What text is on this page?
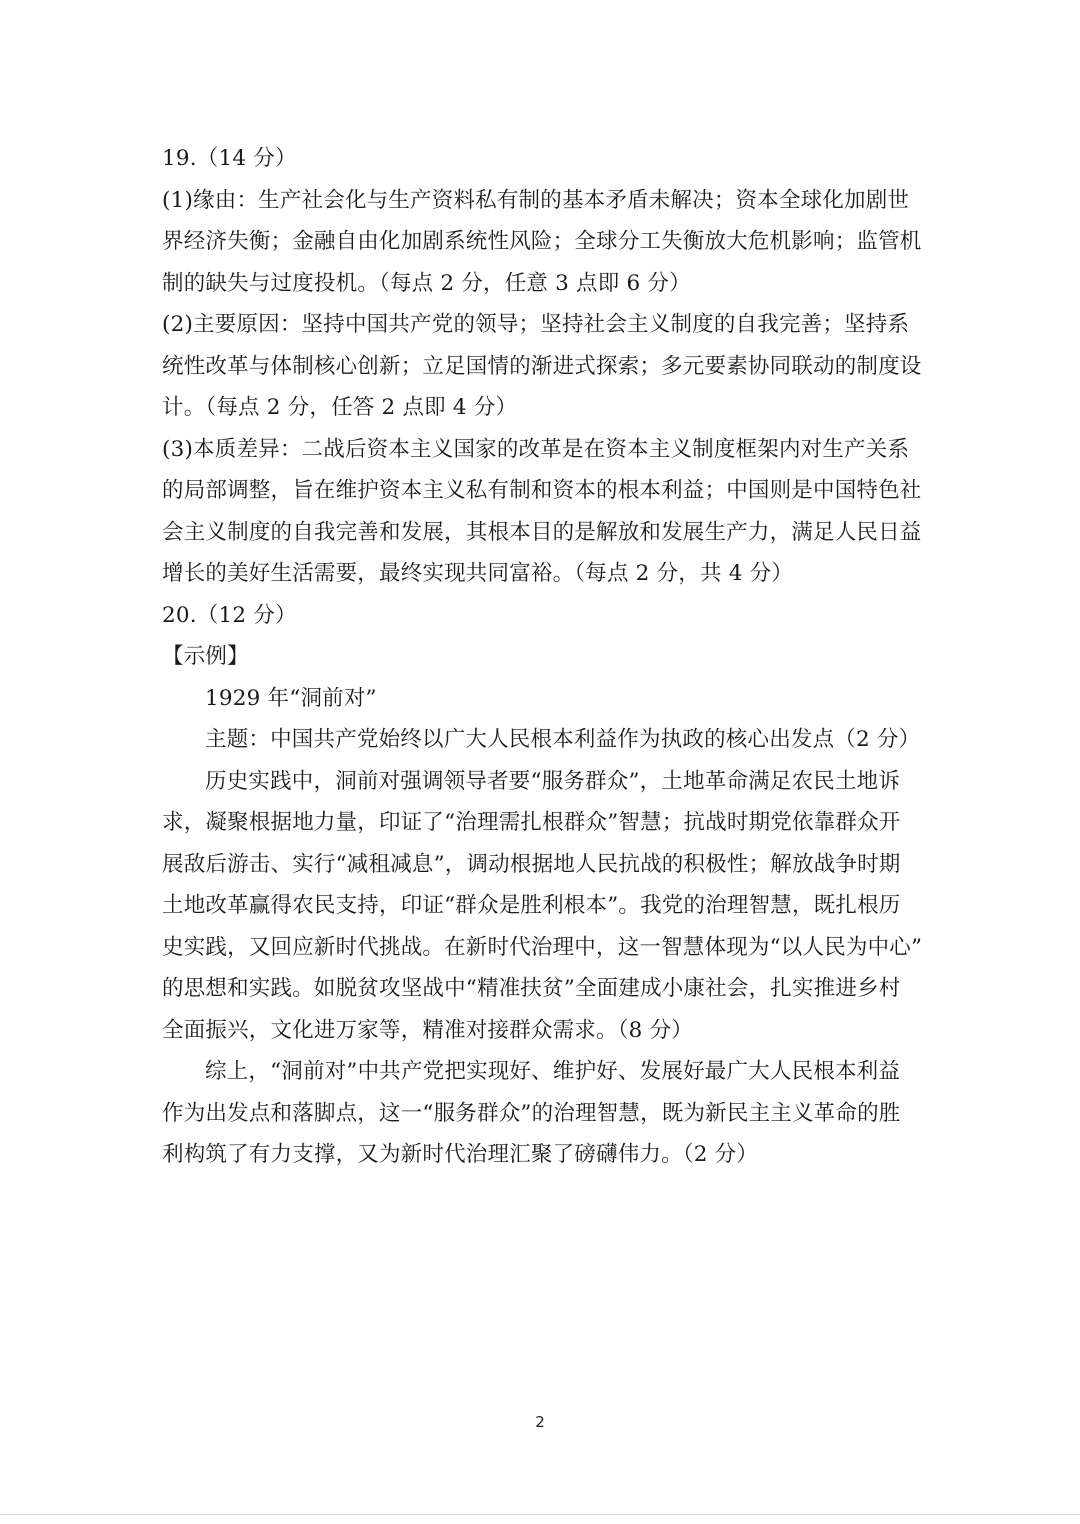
19.（14 分）
(1)缘由：生产社会化与生产资料私有制的基本矛盾未解决；资本全球化加剧世
界经济失衡；金融自由化加剧系统性风险；全球分工失衡放大危机影响；监管机
制的缺失与过度投机。（每点 2 分，任意 3 点即 6 分）
(2)主要原因：坚持中国共产党的领导；坚持社会主义制度的自我完善；坚持系
统性改革与体制核心创新；立足国情的渐进式探索；多元要素协同联动的制度设
计。（每点 2 分，任答 2 点即 4 分）
(3)本质差异：二战后资本主义国家的改革是在资本主义制度框架内对生产关系
的局部调整，旨在维护资本主义私有制和资本的根本利益；中国则是中国特色社
会主义制度的自我完善和发展，其根本目的是解放和发展生产力，满足人民日益
增长的美好生活需要，最终实现共同富裕。（每点 2 分，共 4 分）
20.（12 分）
【示例】
1929 年“洞前对”
主题：中国共产党始终以广大人民根本利益作为执政的核心出发点（2 分）
历史实践中，洞前对强调领导者要“服务群众”，土地革命满足农民土地诉
求，凝聚根据地力量，印证了“治理需扎根群众”智慧；抗战时期党依靠群众开
展敌后游击、实行“减租减息”，调动根据地人民抗战的积极性；解放战争时期
土地改革赢得农民支持，印证“群众是胜利根本”。我党的治理智慧，既扎根历
史实践，又回应新时代挑战。在新时代治理中，这一智慧体现为“以人民为中心”
的思想和实践。如脱贫攻坚战中“精准扶贫”全面建成小康社会，扎实推进乡村
全面振兴，文化进万家等，精准对接群众需求。（8 分）
综上，“洞前对”中共产党把实现好、维护好、发展好最广大人民根本利益
作为出发点和落脚点，这一“服务群众”的治理智慧，既为新民主主义革命的胜
利构筑了有力支撑，又为新时代治理汇聚了磅礴伟力。（2 分）
2
